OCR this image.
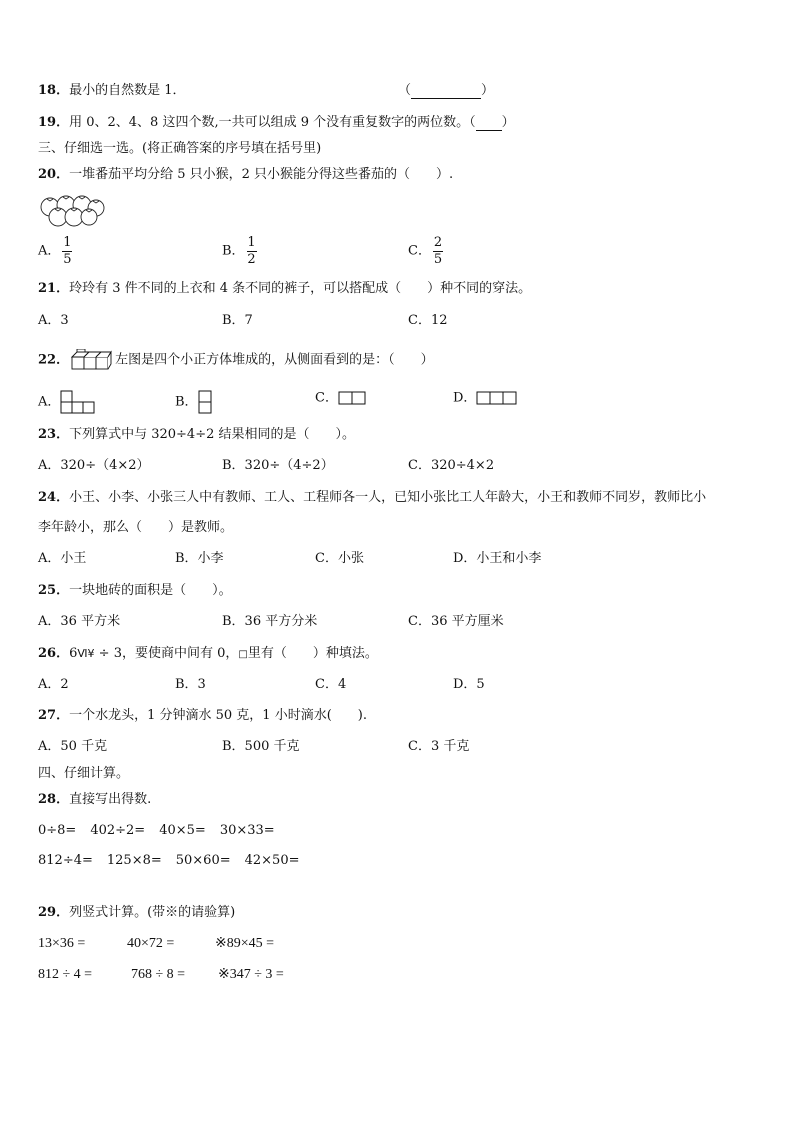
18．最小的自然数是 1．	（	）
19．用 0、2、4、8 这四个数,一共可以组成 9 个没有重复数字的两位数。（ ）
三、仔细选一选。(将正确答案的序号填在括号里)
20．一堆番茄平均分给 5 只小猴，2 只小猴能分得这些番茄的（　　）.
A． $\frac{1}{5}$	B． $\frac{1}{2}$	C． $\frac{2}{5}$
21．玲玲有 3 件不同的上衣和 4 条不同的裤子，可以搭配成（　　）种不同的穿法。
A．3	B．7	C．12
22．	左图是四个小正方体堆成的，从侧面看到的是：（　　）
A．	B．	C．	D．
23．下列算式中与 320÷4÷2 结果相同的是（　　）。
A．320÷（4×2）	B．320÷（4÷2）	C．320÷4×2
24．小王、小李、小张三人中有教师、工人、工程师各一人，已知小张比工人年龄大，小王和教师不同岁，教师比小
李年龄小，那么（　　）是教师。
A．小王	B．小李	C．小张	D．小王和小李
25．一块地砖的面积是（　　）。
A．36 平方米	B．36 平方分米	C．36 平方厘米
26．6Ⅵ¥ ÷ 3，要使商中间有 0，□里有（　　）种填法。
A．2	B．3	C．4	D．5
27．一个水龙头，1 分钟滴水 50 克，1 小时滴水(　　).
A．50 千克	B．500 千克	C．3 千克
四、仔细计算。
28．直接写出得数.
0÷8= 402÷2= 40×5= 30×33=
812÷4= 125×8= 50×60= 42×50=
29．列竖式计算。(带※的请验算)
13×36 =	40×72 =	※89×45 =
812 ÷ 4 =	768 ÷ 8 = ※347 ÷ 3 =
